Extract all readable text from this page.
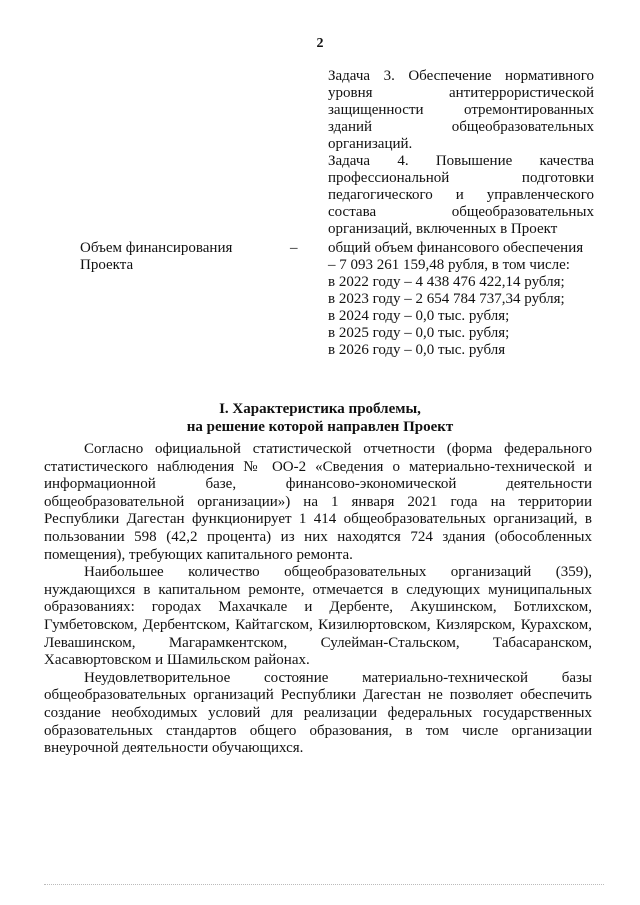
2

Задача 3. Обеспечение нормативного уровня антитеррористической защищенности отремонтированных зданий общеобразовательных организаций.

Задача 4. Повышение качества профессиональной подготовки педагогического и управленческого состава общеобразовательных организаций, включенных в Проект

Объем финансирования Проекта
– общий объем финансового обеспечения – 7 093 261 159,48 рубля, в том числе:

в 2022 году – 4 438 476 422,14 рубля;

в 2023 году – 2 654 784 737,34 рубля;

в 2024 году – 0,0 тыс. рубля;

в 2025 году – 0,0 тыс. рубля;

в 2026 году – 0,0 тыс. рубля

I. Характеристика проблемы,
на решение которой направлен Проект

Согласно официальной статистической отчетности (форма федерального статистического наблюдения № ОО-2 «Сведения о материально-технической и информационной базе, финансово-экономической деятельности общеобразовательной организации») на 1 января 2021 года на территории Республики Дагестан функционирует 1 414 общеобразовательных организаций, в пользовании 598 (42,2 процента) из них находятся 724 здания (обособленных помещения), требующих капитального ремонта.

Наибольшее количество общеобразовательных организаций (359), нуждающихся в капитальном ремонте, отмечается в следующих муниципальных образованиях: городах Махачкале и Дербенте, Акушинском, Ботлихском, Гумбетовском, Дербентском, Кайтагском, Кизилюртовском, Кизлярском, Курахском, Левашинском, Магарамкентском, Сулейман-Стальском, Табасаранском, Хасавюртовском и Шамильском районах.

Неудовлетворительное состояние материально-технической базы общеобразовательных организаций Республики Дагестан не позволяет обеспечить создание необходимых условий для реализации федеральных государственных образовательных стандартов общего образования, в том числе организации внеурочной деятельности обучающихся.
